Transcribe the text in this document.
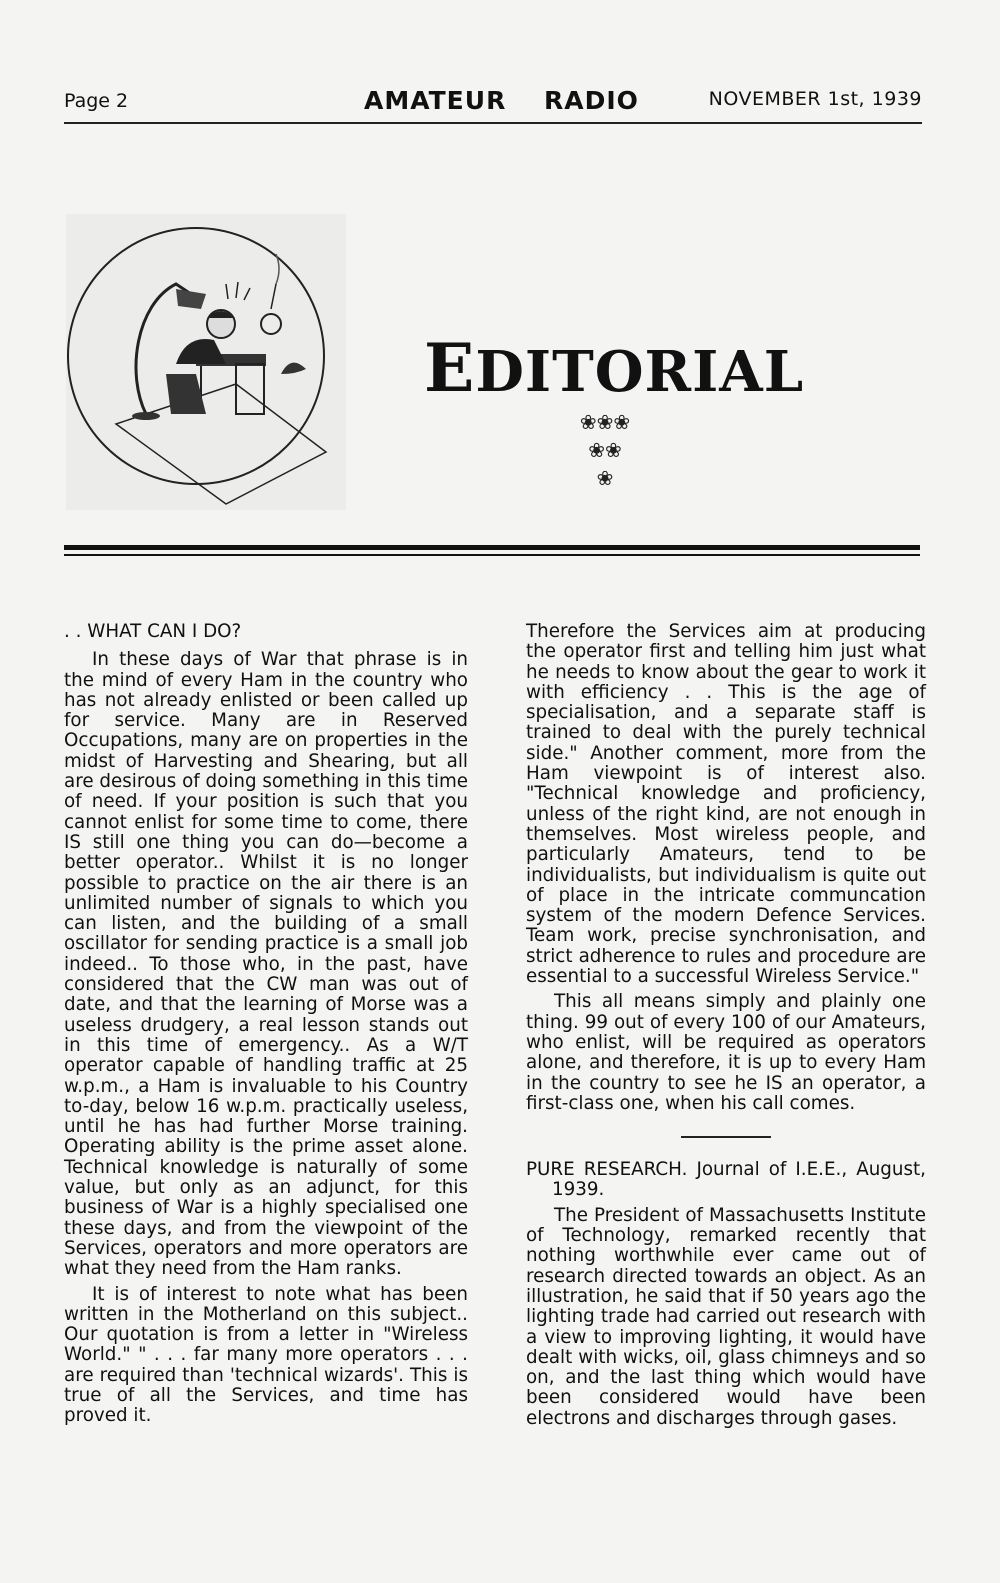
Page 2	AMATEUR RADIO	NOVEMBER 1st, 1939
EDITORIAL
❀❀❀
❀❀
❀

. . WHAT CAN I DO?

In these days of War that phrase is in the mind of every Ham in the country who has not already enlisted or been called up for service. Many are in Reserved Occupations, many are on properties in the midst of Harvesting and Shearing, but all are desirous of doing something in this time of need. If your position is such that you cannot enlist for some time to come, there IS still one thing you can do—become a better operator.. Whilst it is no longer possible to practice on the air there is an unlimited number of signals to which you can listen, and the building of a small oscillator for sending practice is a small job indeed.. To those who, in the past, have considered that the CW man was out of date, and that the learning of Morse was a useless drudgery, a real lesson stands out in this time of emergency.. As a W/T operator capable of handling traffic at 25 w.p.m., a Ham is invaluable to his Country to-day, below 16 w.p.m. practically useless, until he has had further Morse training. Operating ability is the prime asset alone. Technical knowledge is naturally of some value, but only as an adjunct, for this business of War is a highly specialised one these days, and from the viewpoint of the Services, operators and more operators are what they need from the Ham ranks.

It is of interest to note what has been written in the Motherland on this subject.. Our quotation is from a letter in "Wireless World." " . . . far many more operators . . . are required than 'technical wizards'. This is true of all the Services, and time has proved it.

Therefore the Services aim at producing the operator first and telling him just what he needs to know about the gear to work it with efficiency . . This is the age of specialisation, and a separate staff is trained to deal with the purely technical side." Another comment, more from the Ham viewpoint is of interest also. "Technical knowledge and proficiency, unless of the right kind, are not enough in themselves. Most wireless people, and particularly Amateurs, tend to be individualists, but individualism is quite out of place in the intricate communcation system of the modern Defence Services. Team work, precise synchronisation, and strict adherence to rules and procedure are essential to a successful Wireless Service."

This all means simply and plainly one thing. 99 out of every 100 of our Amateurs, who enlist, will be required as operators alone, and therefore, it is up to every Ham in the country to see he IS an operator, a first-class one, when his call comes.

PURE RESEARCH. Journal of I.E.E., August, 1939.

The President of Massachusetts Institute of Technology, remarked recently that nothing worthwhile ever came out of research directed towards an object. As an illustration, he said that if 50 years ago the lighting trade had carried out research with a view to improving lighting, it would have dealt with wicks, oil, glass chimneys and so on, and the last thing which would have been considered would have been electrons and discharges through gases.
